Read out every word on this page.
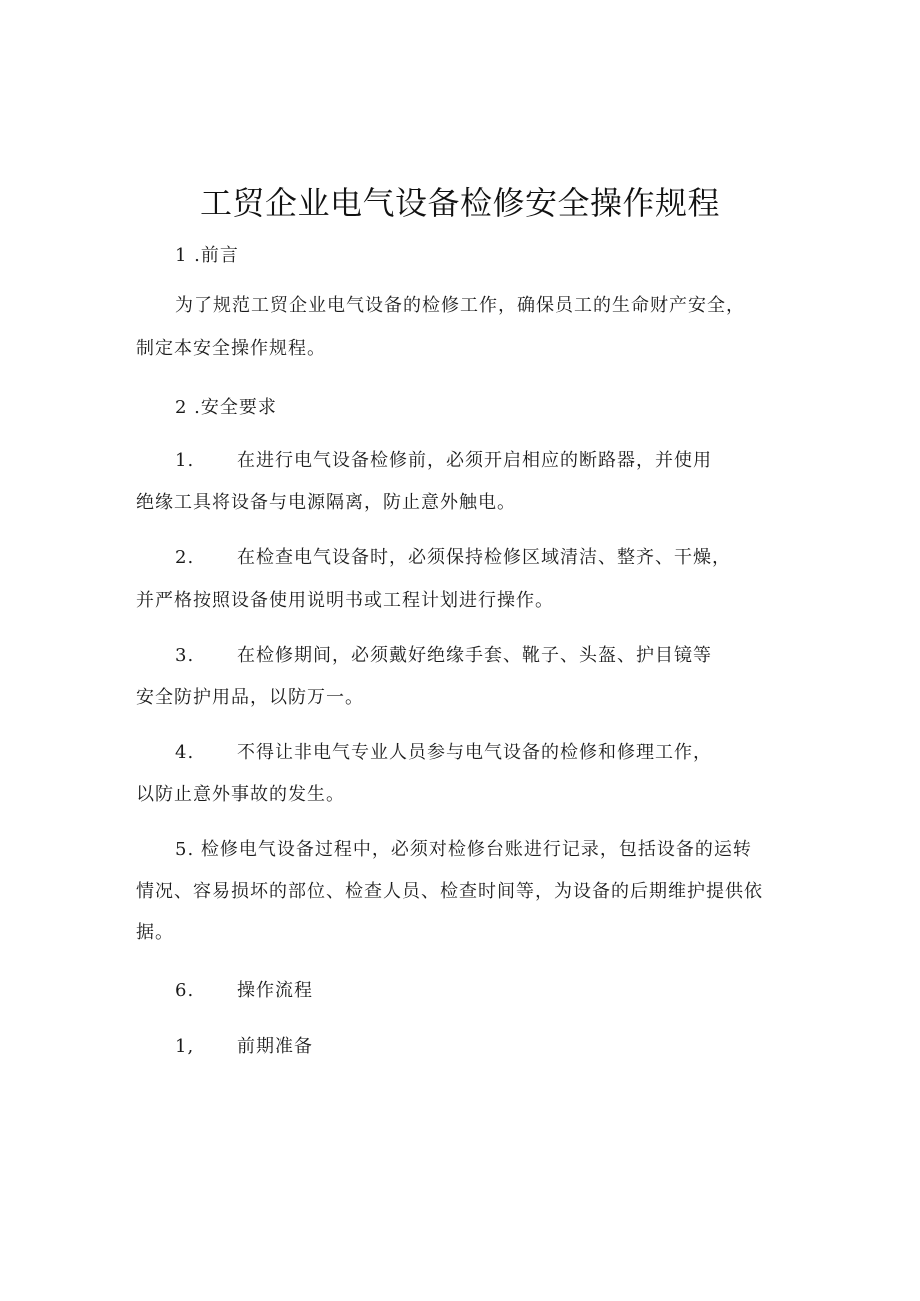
工贸企业电气设备检修安全操作规程
1 .前言
为了规范工贸企业电气设备的检修工作，确保员工的生命财产安全，
制定本安全操作规程。
2 .安全要求
1. 在进行电气设备检修前，必须开启相应的断路器，并使用
绝缘工具将设备与电源隔离，防止意外触电。
2. 在检查电气设备时，必须保持检修区域清洁、整齐、干燥，
并严格按照设备使用说明书或工程计划进行操作。
3. 在检修期间，必须戴好绝缘手套、靴子、头盔、护目镜等
安全防护用品，以防万一。
4. 不得让非电气专业人员参与电气设备的检修和修理工作，
以防止意外事故的发生。
5. 检修电气设备过程中，必须对检修台账进行记录，包括设备的运转
情况、容易损坏的部位、检查人员、检查时间等，为设备的后期维护提供依
据。
6. 操作流程
1, 前期准备
